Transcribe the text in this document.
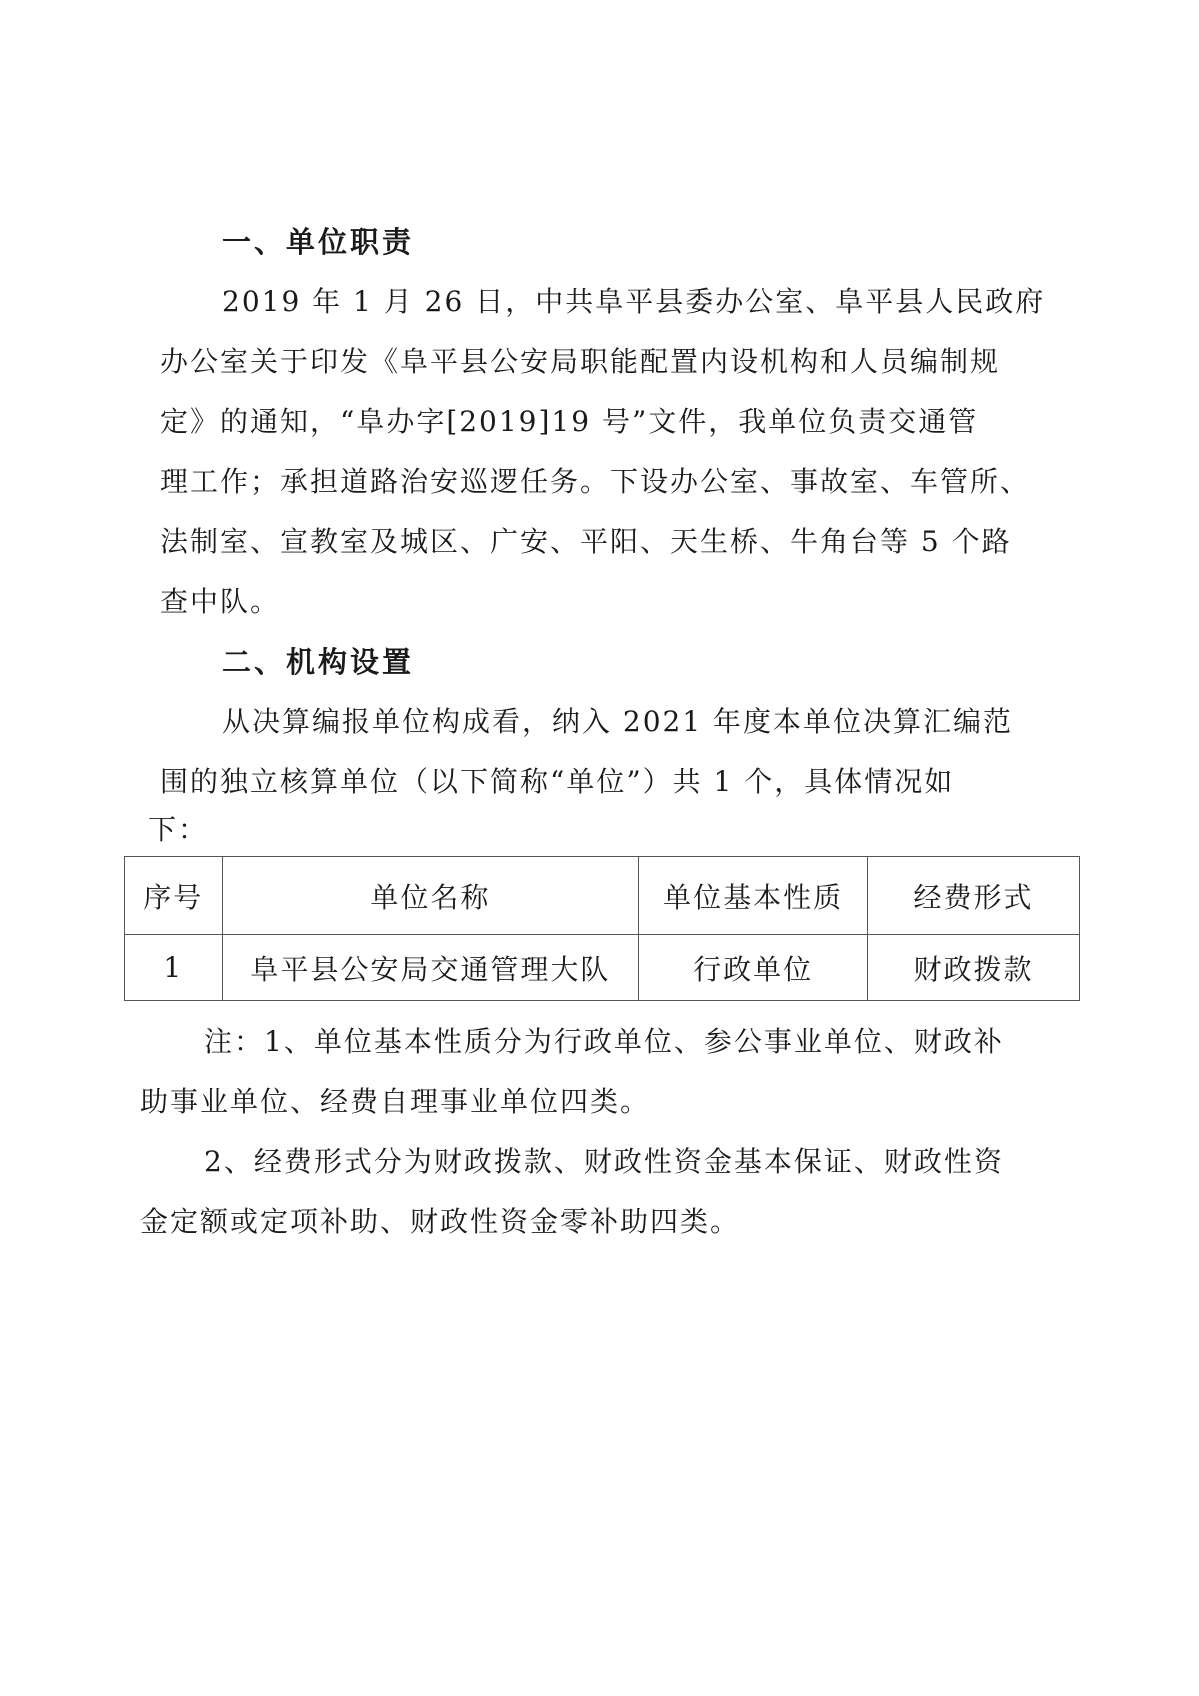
一、单位职责
2019 年 1 月 26 日，中共阜平县委办公室、阜平县人民政府
办公室关于印发《阜平县公安局职能配置内设机构和人员编制规
定》的通知，“阜办字[2019]19 号”文件，我单位负责交通管
理工作；承担道路治安巡逻任务。下设办公室、事故室、车管所、
法制室、宣教室及城区、广安、平阳、天生桥、牛角台等 5 个路
查中队。
二、机构设置
从决算编报单位构成看，纳入 2021 年度本单位决算汇编范
围的独立核算单位（以下简称“单位”）共 1 个，具体情况如
下：
序号	单位名称	单位基本性质	经费形式
1	阜平县公安局交通管理大队	行政单位	财政拨款
注：1、单位基本性质分为行政单位、参公事业单位、财政补
助事业单位、经费自理事业单位四类。
2、经费形式分为财政拨款、财政性资金基本保证、财政性资
金定额或定项补助、财政性资金零补助四类。
